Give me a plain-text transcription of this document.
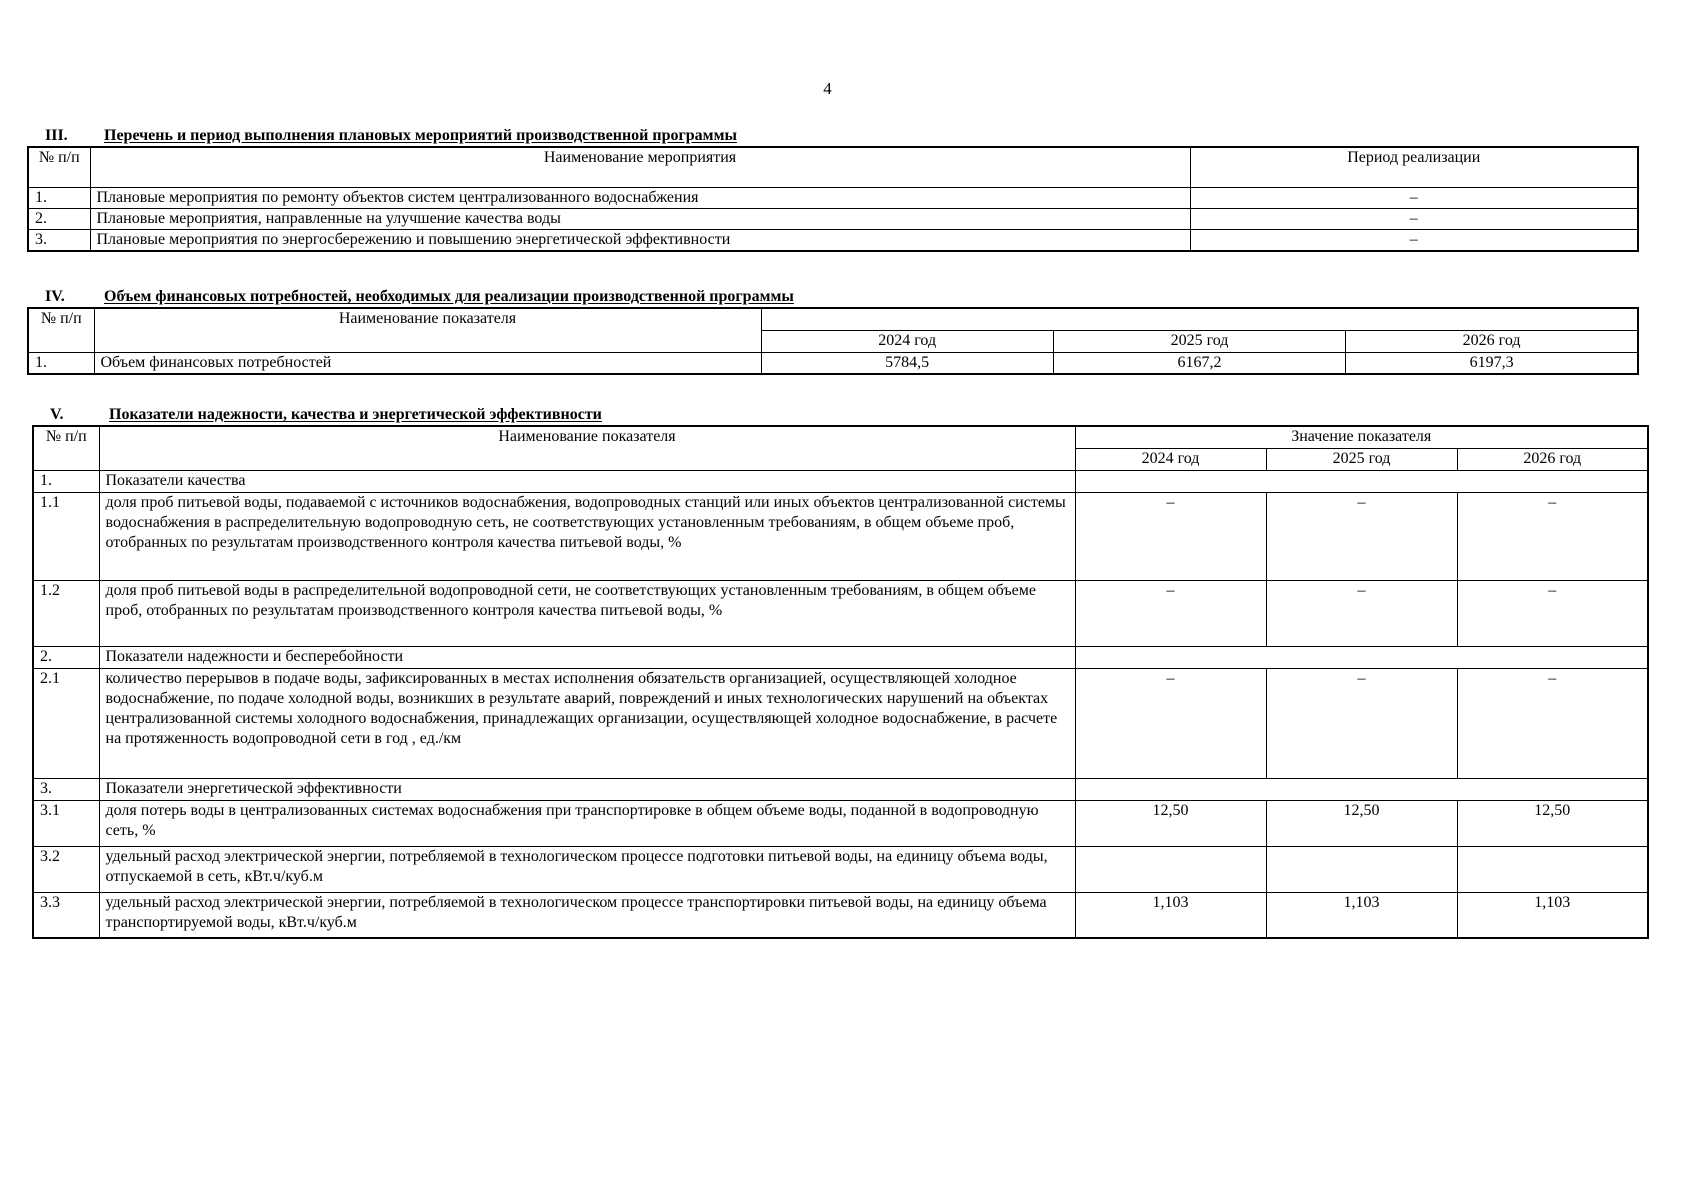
4
III.	Перечень и период выполнения плановых мероприятий производственной программы
№ п/п	Наименование мероприятия	Период реализации
1.	Плановые мероприятия по ремонту объектов систем централизованного водоснабжения	–
2.	Плановые мероприятия, направленные на улучшение качества воды	–
3.	Плановые мероприятия по энергосбережению и повышению энергетической эффективности	–
IV.	Объем финансовых потребностей, необходимых для реализации производственной программы
№ п/п	Наименование показателя			
		2024 год	2025 год	2026 год
1.	Объем финансовых потребностей	5784,5	6167,2	6197,3
V.	Показатели надежности, качества и энергетической эффективности
№ п/п	Наименование показателя	Значение показателя		
		2024 год	2025 год	2026 год
1.	Показатели качества			
1.1	доля проб питьевой воды, подаваемой с источников водоснабжения, водопроводных станций или иных объектов централизованной системы водоснабжения в распределительную водопроводную сеть, не соответствующих установленным требованиям, в общем объеме проб, отобранных по результатам производственного контроля качества питьевой воды, %	–	–	–
1.2	доля проб питьевой воды в распределительной водопроводной сети, не соответствующих установленным требованиям, в общем объеме проб, отобранных по результатам производственного контроля качества питьевой воды, %	–	–	–
2.	Показатели надежности и бесперебойности			
2.1	количество перерывов в подаче воды, зафиксированных в местах исполнения обязательств организацией, осуществляющей холодное водоснабжение, по подаче холодной воды, возникших в результате аварий, повреждений и иных технологических нарушений на объектах централизованной системы холодного водоснабжения, принадлежащих организации, осуществляющей холодное водоснабжение, в расчете на протяженность водопроводной сети в год , ед./км	–	–	–
3.	Показатели энергетической эффективности			
3.1	доля потерь воды в централизованных системах водоснабжения при транспортировке в общем объеме воды, поданной в водопроводную сеть, %	12,50	12,50	12,50
3.2	удельный расход электрической энергии, потребляемой в технологическом процессе подготовки питьевой воды, на единицу объема воды, отпускаемой в сеть, кВт.ч/куб.м			
3.3	удельный расход электрической энергии, потребляемой в технологическом процессе транспортировки питьевой воды, на единицу объема транспортируемой воды, кВт.ч/куб.м	1,103	1,103	1,103
